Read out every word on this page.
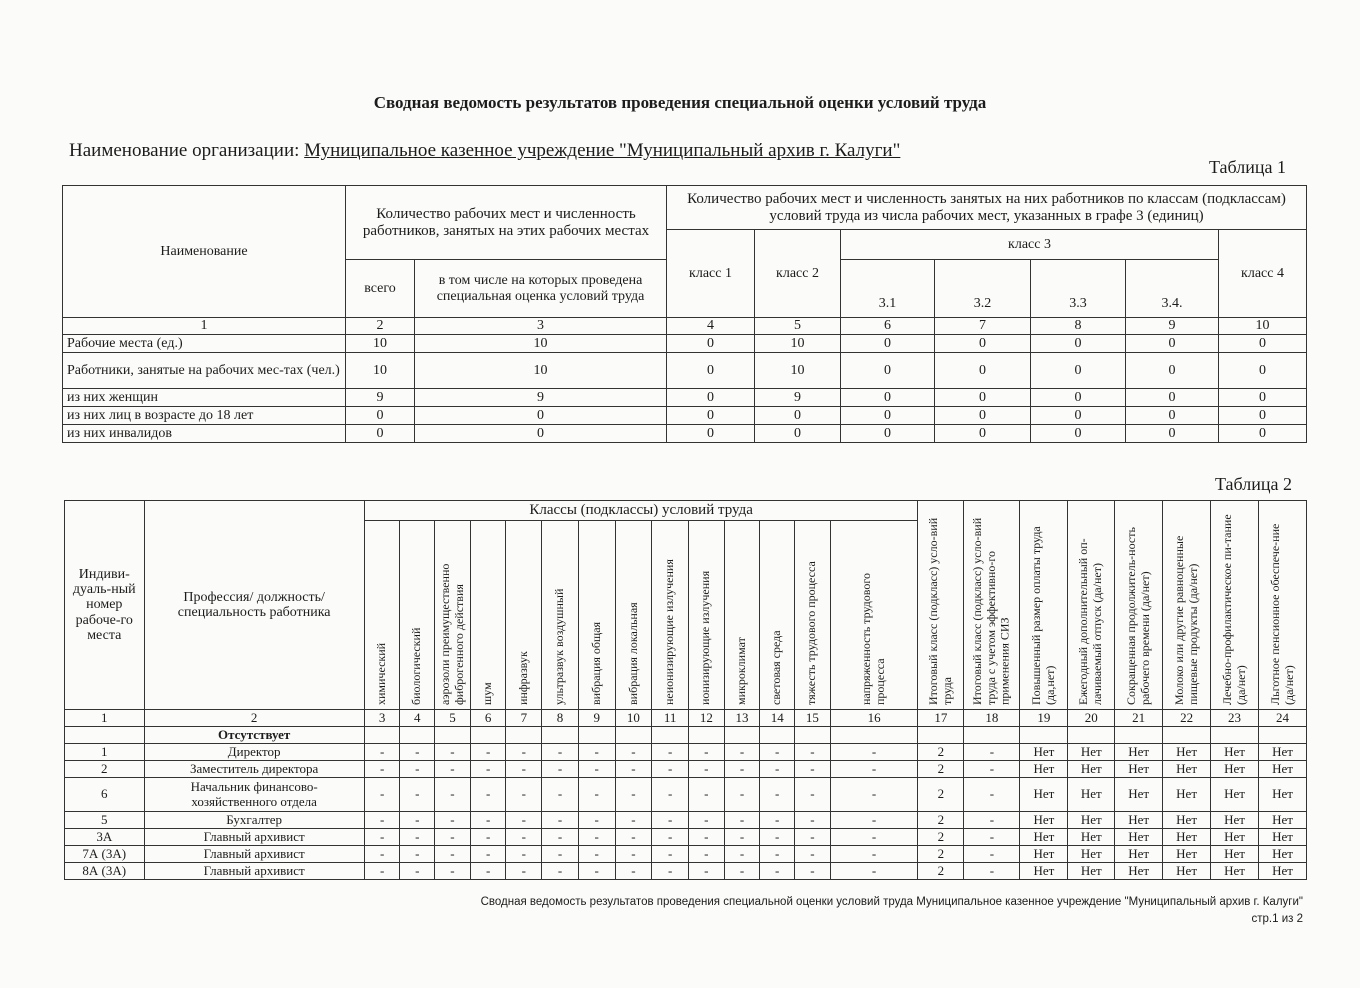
Сводная ведомость результатов проведения специальной оценки условий труда
Наименование организации: Муниципальное казенное учреждение "Муниципальный архив г. Калуги"
Таблица 1
Наименование	Количество рабочих мест и численность работников, занятых на этих рабочих местах		Количество рабочих мест и численность занятых на них работников по классам (подклассам) условий труда из числа рабочих мест, указанных в графе 3 (единиц)						
			класс 1	класс 2	класс 3				класс 4
	всего	в том числе на которых проведена специальная оценка условий труда			3.1	3.2	3.3	3.4.	
1	2	3	4	5	6	7	8	9	10
Рабочие места (ед.)	10	10	0	10	0	0	0	0	0
Работники, занятые на рабочих мес-тах (чел.)	10	10	0	10	0	0	0	0	0
из них женщин	9	9	0	9	0	0	0	0	0
из них лиц в возрасте до 18 лет	0	0	0	0	0	0	0	0	0
из них инвалидов	0	0	0	0	0	0	0	0	0
Таблица 2
Индиви-дуаль-ный номер рабоче-го места	Профессия/ должность/ специальность работника	Классы (подклассы) условий труда														Итоговый класс (подкласс) усло-вий труда	Итоговый класс (подкласс) усло-вий труда с учетом эффективно-го применения СИЗ	Повышенный размер оплаты труда (да,нет)	Ежегодный дополнительный оп-лачиваемый отпуск (да/нет)	Сокращенная продолжитель-ность рабочего времени (да/нет)	Молоко или другие равноценные пищевые продукты (да/нет)	Лечебно-профилактическое пи-тание (да/нет)	Льготное пенсионное обеспече-ние (да/нет)

		химический	биологический	аэрозоли преимущественно фиброгенного действия	шум	инфразвук	ультразвук воздушный	вибрация общая	вибрация локальная	неионизирующие излучения	ионизирующие излучения	микроклимат	световая среда	тяжесть трудового процесса	напряженность трудового процесса								

1	2	3	4	5	6	7	8	9	10	11	12	13	14	15	16	17	18	19	20	21	22	23	24
	Отсутствует																						
1	Директор	-	-	-	-	-	-	-	-	-	-	-	-	-	-	2	-	Нет	Нет	Нет	Нет	Нет	Нет
2	Заместитель директора	-	-	-	-	-	-	-	-	-	-	-	-	-	-	2	-	Нет	Нет	Нет	Нет	Нет	Нет
6	Начальник финансово-хозяйственного отдела	-	-	-	-	-	-	-	-	-	-	-	-	-	-	2	-	Нет	Нет	Нет	Нет	Нет	Нет
5	Бухгалтер	-	-	-	-	-	-	-	-	-	-	-	-	-	-	2	-	Нет	Нет	Нет	Нет	Нет	Нет
3А	Главный архивист	-	-	-	-	-	-	-	-	-	-	-	-	-	-	2	-	Нет	Нет	Нет	Нет	Нет	Нет
7А (3А)	Главный архивист	-	-	-	-	-	-	-	-	-	-	-	-	-	-	2	-	Нет	Нет	Нет	Нет	Нет	Нет
8А (3А)	Главный архивист	-	-	-	-	-	-	-	-	-	-	-	-	-	-	2	-	Нет	Нет	Нет	Нет	Нет	Нет
Сводная ведомость результатов проведения специальной оценки условий труда Муниципальное казенное учреждение "Муниципальный архив г. Калуги"
стр.1 из 2
